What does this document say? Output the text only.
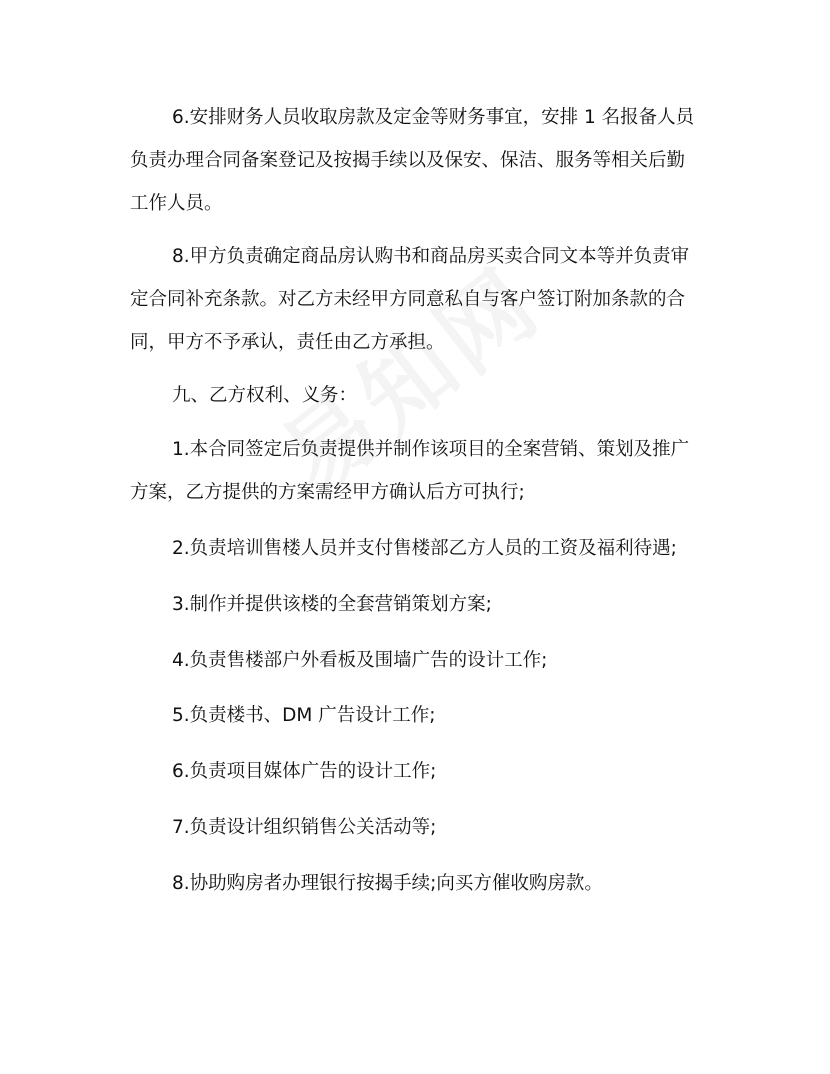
6.安排财务人员收取房款及定金等财务事宜，安排 1 名报备人员
负责办理合同备案登记及按揭手续以及保安、保洁、服务等相关后勤
工作人员。
8.甲方负责确定商品房认购书和商品房买卖合同文本等并负责审
定合同补充条款。对乙方未经甲方同意私自与客户签订附加条款的合
同，甲方不予承认，责任由乙方承担。
九、乙方权利、义务：
1.本合同签定后负责提供并制作该项目的全案营销、策划及推广
方案，乙方提供的方案需经甲方确认后方可执行;
2.负责培训售楼人员并支付售楼部乙方人员的工资及福利待遇;
3.制作并提供该楼的全套营销策划方案;
4.负责售楼部户外看板及围墙广告的设计工作;
5.负责楼书、DM 广告设计工作;
6.负责项目媒体广告的设计工作;
7.负责设计组织销售公关活动等;
8.协助购房者办理银行按揭手续;向买方催收购房款。
